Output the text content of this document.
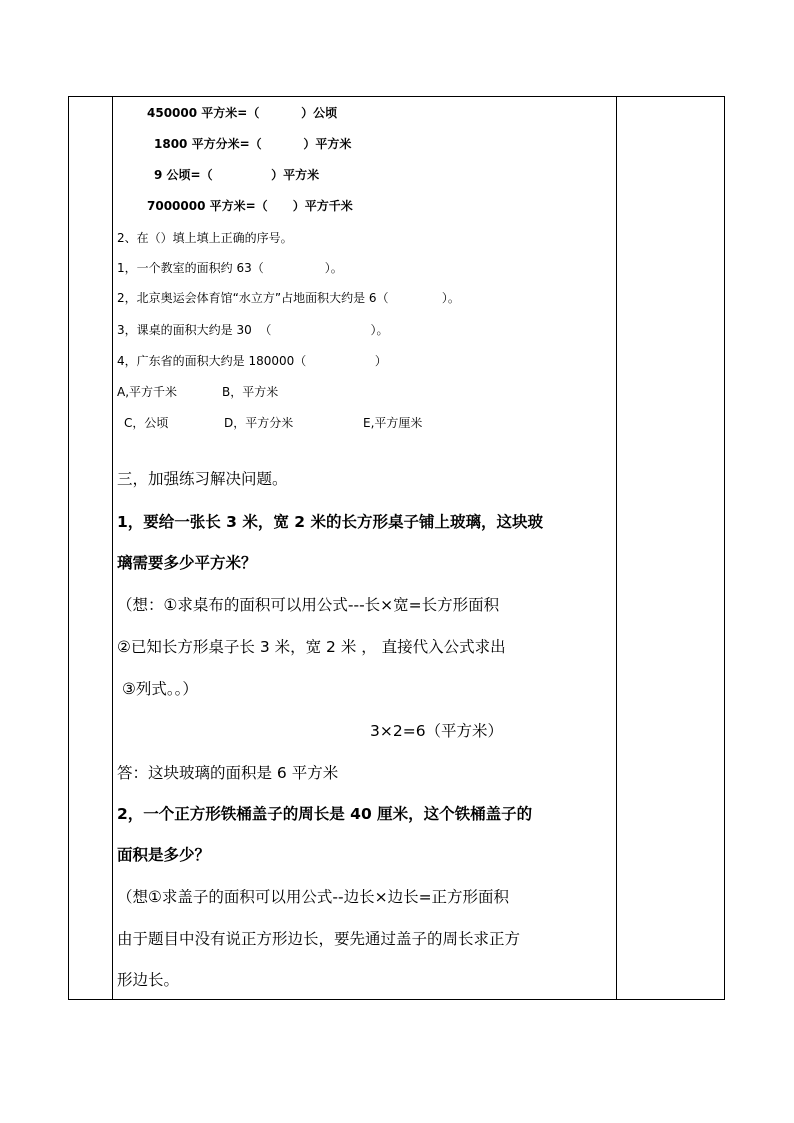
450000 平方米=（          ）公顷
1800 平方分米=（          ）平方米
9 公顷=（              ）平方米
7000000 平方米=（      ）平方千米
2、在（）填上填上正确的序号。
1，一个教室的面积约 63（                ）。
2，北京奥运会体育馆“水立方”占地面积大约是 6（              ）。
3，课桌的面积大约是 30  （                          ）。
4，广东省的面积大约是 180000（                  ）
A,平方千米	B，平方米
C，公顷	D，平方分米	E,平方厘米
三，加强练习解决问题。
1，要给一张长 3 米，宽 2 米的长方形桌子铺上玻璃，这块玻
璃需要多少平方米？
（想：①求桌布的面积可以用公式---长×宽=长方形面积
②已知长方形桌子长 3 米，宽 2 米 ， 直接代入公式求出
③列式。。）
3×2=6（平方米）
答：这块玻璃的面积是 6 平方米
2，一个正方形铁桶盖子的周长是 40 厘米，这个铁桶盖子的
面积是多少？
（想①求盖子的面积可以用公式--边长×边长=正方形面积
由于题目中没有说正方形边长，要先通过盖子的周长求正方
形边长。
